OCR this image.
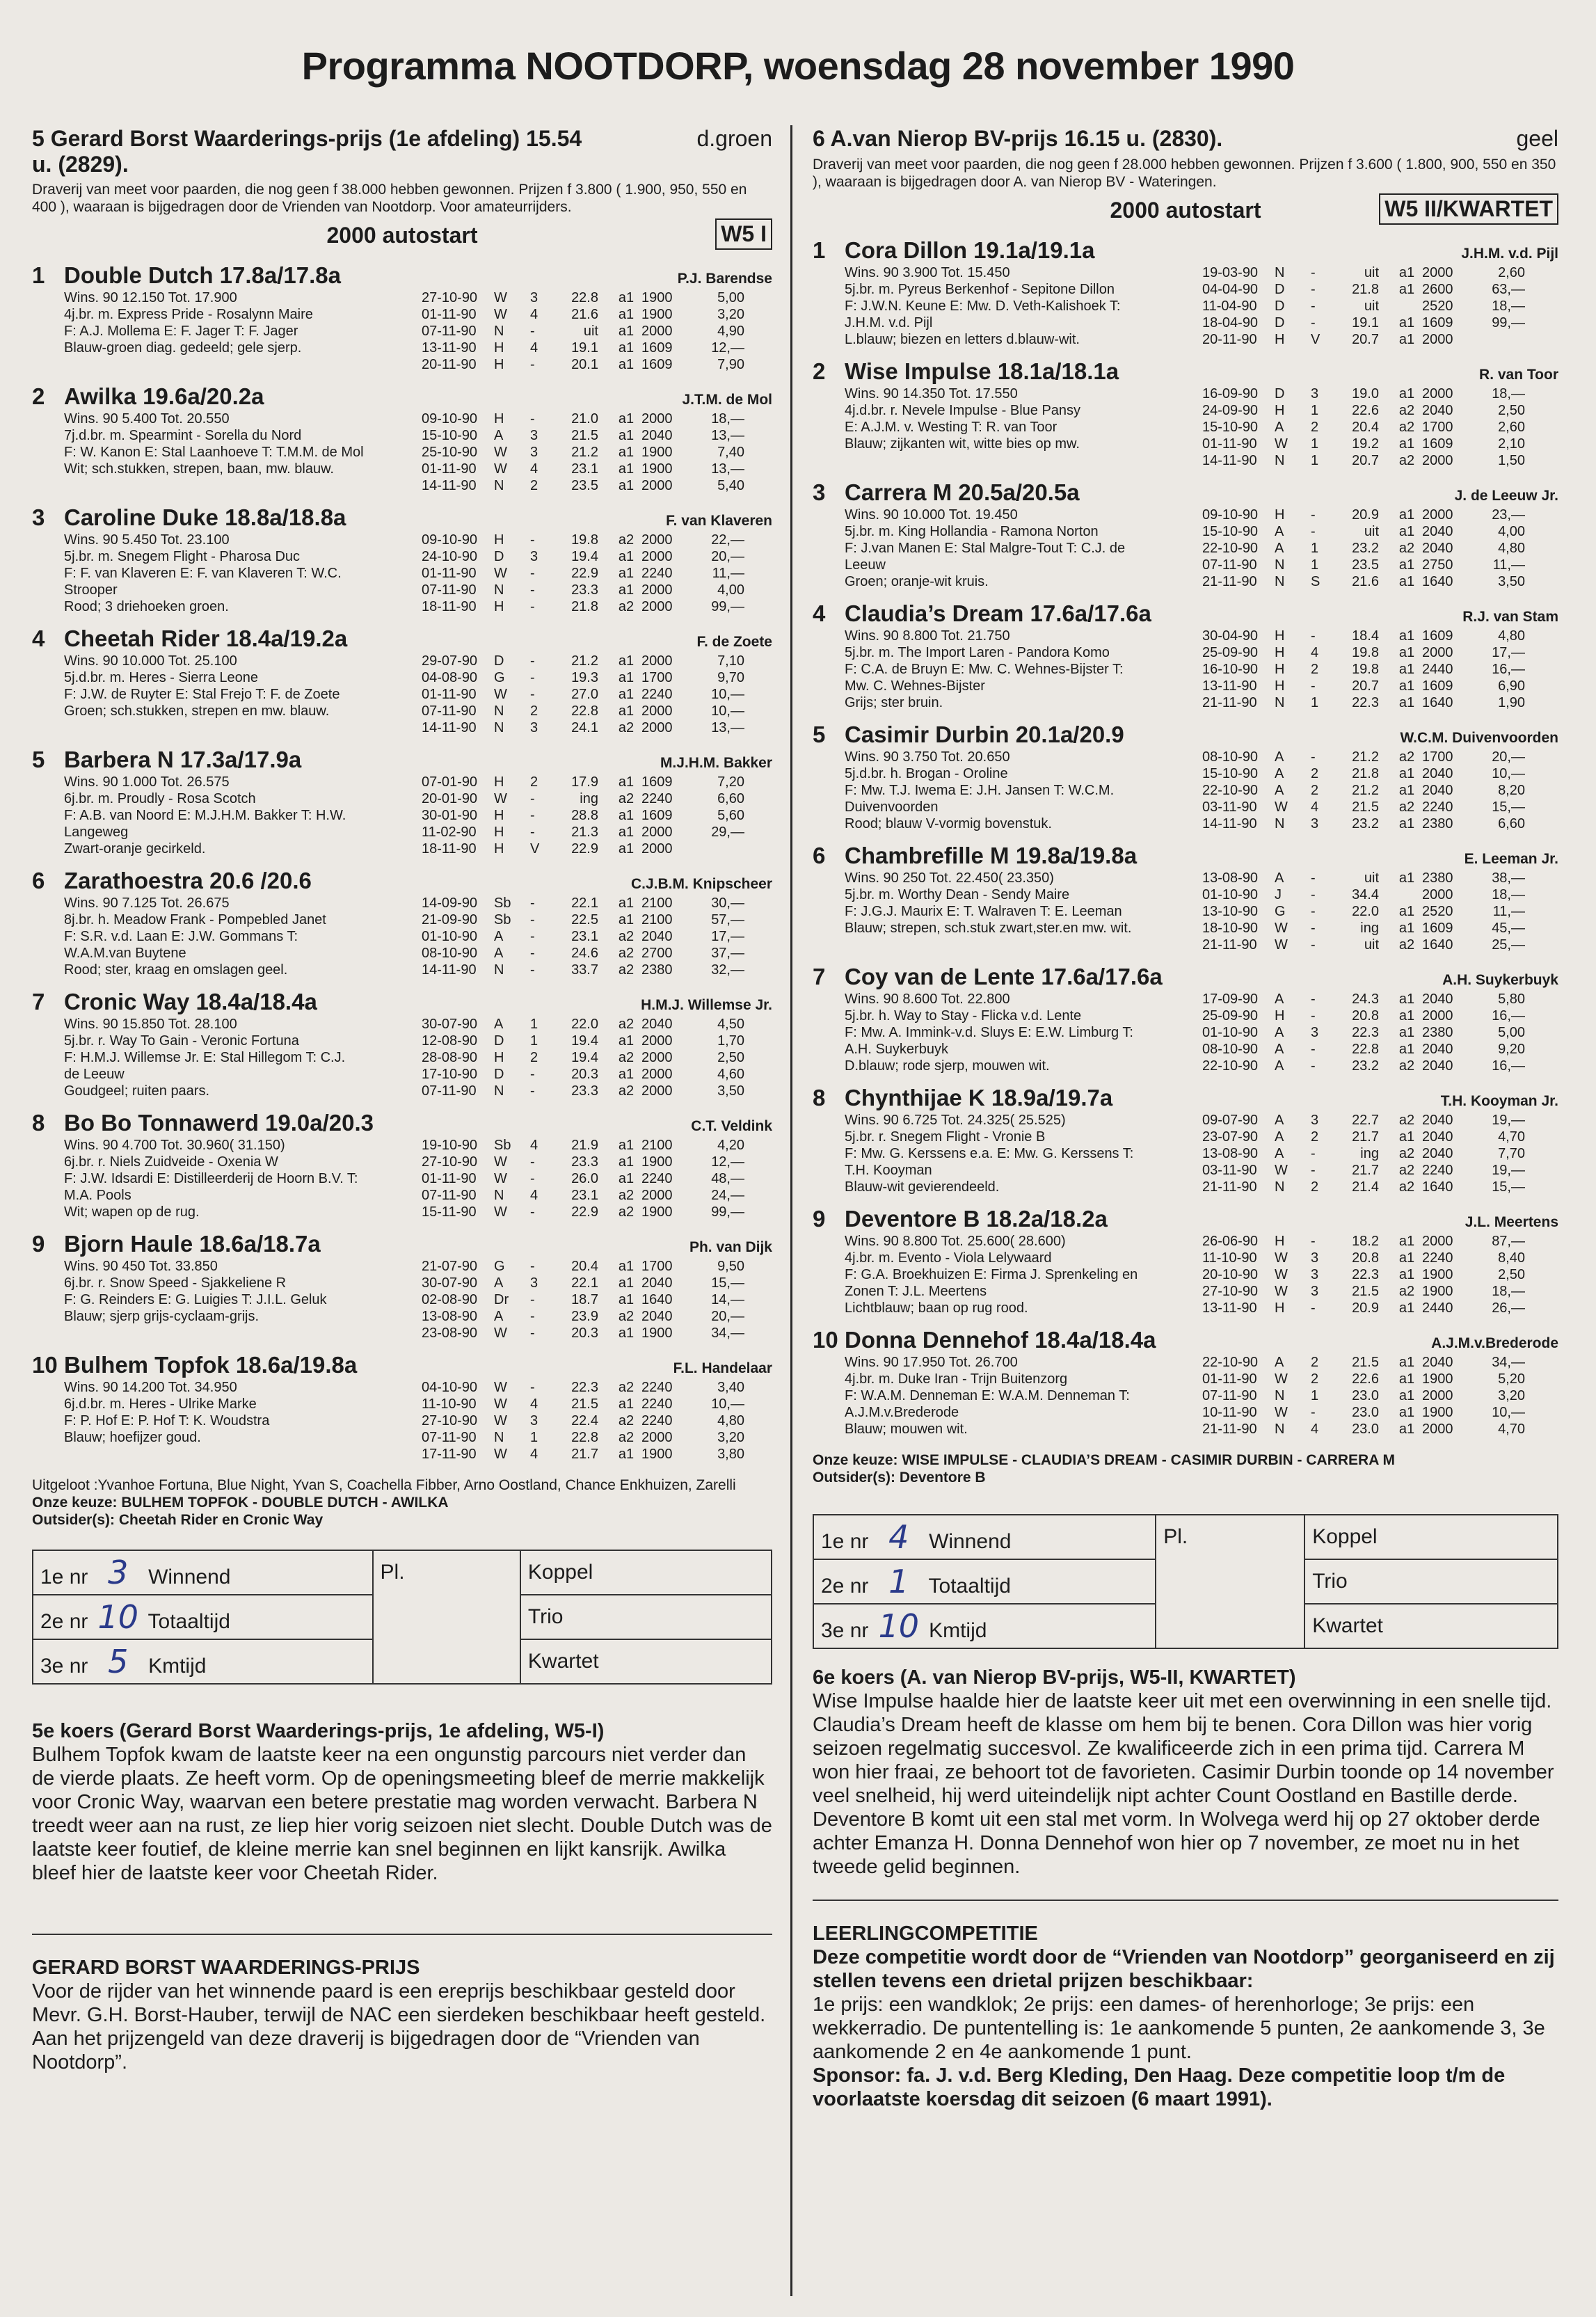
Programma NOOTDORP, woensdag 28 november 1990
5 Gerard Borst Waarderings-prijs (1e afdeling) 15.54	d.groen
u. (2829).
Draverij van meet voor paarden, die nog geen f 38.000 hebben gewonnen. Prijzen f 3.800 ( 1.900, 950, 550 en 400 ), waaraan is bijgedragen door de Vrienden van Nootdorp. Voor amateurrijders.
2000 autostart	W5 I
1 Double Dutch 17.8a/17.8a	P.J. Barendse
Wins. 90 12.150 Tot. 17.900
4j.br. m. Express Pride - Rosalynn Maire
F: A.J. Mollema E: F. Jager T: F. Jager
Blauw-groen diag. gedeeld; gele sjerp.
27-10-90	W	3	22.8	a1 1900	5,00
01-11-90	W	4	21.6	a1 1900	3,20
07-11-90	N	-	uit	a1 2000	4,90
13-11-90	H	4	19.1	a1 1609	12,—
20-11-90	H	-	20.1	a1 1609	7,90
2 Awilka 19.6a/20.2a	J.T.M. de Mol
Wins. 90 5.400 Tot. 20.550
7j.d.br. m. Spearmint - Sorella du Nord
F: W. Kanon E: Stal Laanhoeve T: T.M.M. de Mol
Wit; sch.stukken, strepen, baan, mw. blauw.
09-10-90	H	-	21.0	a1 2000	18,—
15-10-90	A	3	21.5	a1 2040	13,—
25-10-90	W	3	21.2	a1 1900	7,40
01-11-90	W	4	23.1	a1 1900	13,—
14-11-90	N	2	23.5	a1 2000	5,40
3 Caroline Duke 18.8a/18.8a	F. van Klaveren
Wins. 90 5.450 Tot. 23.100
5j.br. m. Snegem Flight - Pharosa Duc
F: F. van Klaveren E: F. van Klaveren T: W.C.
Strooper
Rood; 3 driehoeken groen.
09-10-90	H	-	19.8	a2 2000	22,—
24-10-90	D	3	19.4	a1 2000	20,—
01-11-90	W	-	22.9	a1 2240	11,—
07-11-90	N	-	23.3	a1 2000	4,00
18-11-90	H	-	21.8	a2 2000	99,—
4 Cheetah Rider 18.4a/19.2a	F. de Zoete
Wins. 90 10.000 Tot. 25.100
5j.d.br. m. Heres - Sierra Leone
F: J.W. de Ruyter E: Stal Frejo T: F. de Zoete
Groen; sch.stukken, strepen en mw. blauw.
29-07-90	D	-	21.2	a1 2000	7,10
04-08-90	G	-	19.3	a1 1700	9,70
01-11-90	W	-	27.0	a1 2240	10,—
07-11-90	N	2	22.8	a1 2000	10,—
14-11-90	N	3	24.1	a2 2000	13,—
5 Barbera N 17.3a/17.9a	M.J.H.M. Bakker
Wins. 90 1.000 Tot. 26.575
6j.br. m. Proudly - Rosa Scotch
F: A.B. van Noord E: M.J.H.M. Bakker T: H.W.
Langeweg
Zwart-oranje gecirkeld.
07-01-90	H	2	17.9	a1 1609	7,20
20-01-90	W	-	ing	a2 2240	6,60
30-01-90	H	-	28.8	a1 1609	5,60
11-02-90	H	-	21.3	a1 2000	29,—
18-11-90	H	V	22.9	a1 2000
6 Zarathoestra 20.6 /20.6	C.J.B.M. Knipscheer
Wins. 90 7.125 Tot. 26.675
8j.br. h. Meadow Frank - Pompebled Janet
F: S.R. v.d. Laan E: J.W. Gommans T:
W.A.M.van Buytene
Rood; ster, kraag en omslagen geel.
14-09-90	Sb	-	22.1	a1 2100	30,—
21-09-90	Sb	-	22.5	a1 2100	57,—
01-10-90	A	-	23.1	a2 2040	17,—
08-10-90	A	-	24.6	a2 2700	37,—
14-11-90	N	-	33.7	a2 2380	32,—
7 Cronic Way 18.4a/18.4a	H.M.J. Willemse Jr.
Wins. 90 15.850 Tot. 28.100
5j.br. r. Way To Gain - Veronic Fortuna
F: H.M.J. Willemse Jr. E: Stal Hillegom T: C.J.
de Leeuw
Goudgeel; ruiten paars.
30-07-90	A	1	22.0	a2 2040	4,50
12-08-90	D	1	19.4	a1 2000	1,70
28-08-90	H	2	19.4	a2 2000	2,50
17-10-90	D	-	20.3	a1 2000	4,60
07-11-90	N	-	23.3	a2 2000	3,50
8 Bo Bo Tonnawerd 19.0a/20.3	C.T. Veldink
Wins. 90 4.700 Tot. 30.960( 31.150)
6j.br. r. Niels Zuidveide - Oxenia W
F: J.W. Idsardi E: Distilleerderij de Hoorn B.V. T:
M.A. Pools
Wit; wapen op de rug.
19-10-90	Sb	4	21.9	a1 2100	4,20
27-10-90	W	-	23.3	a1 1900	12,—
01-11-90	W	-	26.0	a1 2240	48,—
07-11-90	N	4	23.1	a2 2000	24,—
15-11-90	W	-	22.9	a2 1900	99,—
9 Bjorn Haule 18.6a/18.7a	Ph. van Dijk
Wins. 90 450 Tot. 33.850
6j.br. r. Snow Speed - Sjakkeliene R
F: G. Reinders E: G. Luigies T: J.I.L. Geluk
Blauw; sjerp grijs-cyclaam-grijs.
21-07-90	G	-	20.4	a1 1700	9,50
30-07-90	A	3	22.1	a1 2040	15,—
02-08-90	Dr	-	18.7	a1 1640	14,—
13-08-90	A	-	23.9	a2 2040	20,—
23-08-90	W	-	20.3	a1 1900	34,—
10 Bulhem Topfok 18.6a/19.8a	F.L. Handelaar
Wins. 90 14.200 Tot. 34.950
6j.d.br. m. Heres - Ulrike Marke
F: P. Hof E: P. Hof T: K. Woudstra
Blauw; hoefijzer goud.
04-10-90	W	-	22.3	a2 2240	3,40
11-10-90	W	4	21.5	a1 2240	10,—
27-10-90	W	3	22.4	a2 2240	4,80
07-11-90	N	1	22.8	a2 2000	3,20
17-11-90	W	4	21.7	a1 1900	3,80
Uitgeloot :Yvanhoe Fortuna, Blue Night, Yvan S, Coachella Fibber, Arno Oostland, Chance Enkhuizen, Zarelli
Onze keuze: BULHEM TOPFOK - DOUBLE DUTCH - AWILKA
Outsider(s): Cheetah Rider en Cronic Way
1e nr 3 Winnend	Pl.	Koppel
2e nr 10 Totaaltijd		Trio
3e nr 5 Kmtijd		Kwartet
5e koers (Gerard Borst Waarderings-prijs, 1e afdeling, W5-I)
Bulhem Topfok kwam de laatste keer na een ongunstig parcours niet verder dan de vierde plaats. Ze heeft vorm. Op de openingsmeeting bleef de merrie makkelijk voor Cronic Way, waarvan een betere prestatie mag worden verwacht. Barbera N treedt weer aan na rust, ze liep hier vorig seizoen niet slecht. Double Dutch was de laatste keer foutief, de kleine merrie kan snel beginnen en lijkt kansrijk. Awilka bleef hier de laatste keer voor Cheetah Rider.
GERARD BORST WAARDERINGS-PRIJS
Voor de rijder van het winnende paard is een ereprijs beschikbaar gesteld door Mevr. G.H. Borst-Hauber, terwijl de NAC een sierdeken beschikbaar heeft gesteld. Aan het prijzengeld van deze draverij is bijgedragen door de “Vrienden van Nootdorp”.
6 A.van Nierop BV-prijs 16.15 u. (2830).	geel
Draverij van meet voor paarden, die nog geen f 28.000 hebben gewonnen. Prijzen f 3.600 ( 1.800, 900, 550 en 350 ), waaraan is bijgedragen door A. van Nierop BV - Wateringen.
2000 autostart	W5 II/KWARTET
1 Cora Dillon 19.1a/19.1a	J.H.M. v.d. Pijl
Wins. 90 3.900 Tot. 15.450
5j.br. m. Pyreus Berkenhof - Sepitone Dillon
F: J.W.N. Keune E: Mw. D. Veth-Kalishoek T:
J.H.M. v.d. Pijl
L.blauw; biezen en letters d.blauw-wit.
19-03-90	N	-	uit	a1 2000	2,60
04-04-90	D	-	21.8	a1 2600	63,—
11-04-90	D	-	uit	2520	18,—
18-04-90	D	-	19.1	a1 1609	99,—
20-11-90	H	V	20.7	a1 2000
2 Wise Impulse 18.1a/18.1a	R. van Toor
Wins. 90 14.350 Tot. 17.550
4j.d.br. r. Nevele Impulse - Blue Pansy
E: A.J.M. v. Westing T: R. van Toor
Blauw; zijkanten wit, witte bies op mw.
16-09-90	D	3	19.0	a1 2000	18,—
24-09-90	H	1	22.6	a2 2040	2,50
15-10-90	A	2	20.4	a2 1700	2,60
01-11-90	W	1	19.2	a1 1609	2,10
14-11-90	N	1	20.7	a2 2000	1,50
3 Carrera M 20.5a/20.5a	J. de Leeuw Jr.
Wins. 90 10.000 Tot. 19.450
5j.br. m. King Hollandia - Ramona Norton
F: J.van Manen E: Stal Malgre-Tout T: C.J. de
Leeuw
Groen; oranje-wit kruis.
09-10-90	H	-	20.9	a1 2000	23,—
15-10-90	A	-	uit	a1 2040	4,00
22-10-90	A	1	23.2	a2 2040	4,80
07-11-90	N	1	23.5	a1 2750	11,—
21-11-90	N	S	21.6	a1 1640	3,50
4 Claudia’s Dream 17.6a/17.6a	R.J. van Stam
Wins. 90 8.800 Tot. 21.750
5j.br. m. The Import Laren - Pandora Komo
F: C.A. de Bruyn E: Mw. C. Wehnes-Bijster T:
Mw. C. Wehnes-Bijster
Grijs; ster bruin.
30-04-90	H	-	18.4	a1 1609	4,80
25-09-90	H	4	19.8	a1 2000	17,—
16-10-90	H	2	19.8	a1 2440	16,—
13-11-90	H	-	20.7	a1 1609	6,90
21-11-90	N	1	22.3	a1 1640	1,90
5 Casimir Durbin 20.1a/20.9	W.C.M. Duivenvoorden
Wins. 90 3.750 Tot. 20.650
5j.d.br. h. Brogan - Oroline
F: Mw. T.J. Iwema E: J.H. Jansen T: W.C.M.
Duivenvoorden
Rood; blauw V-vormig bovenstuk.
08-10-90	A	-	21.2	a2 1700	20,—
15-10-90	A	2	21.8	a1 2040	10,—
22-10-90	A	2	21.2	a1 2040	8,20
03-11-90	W	4	21.5	a2 2240	15,—
14-11-90	N	3	23.2	a1 2380	6,60
6 Chambrefille M 19.8a/19.8a	E. Leeman Jr.
Wins. 90 250 Tot. 22.450( 23.350)
5j.br. m. Worthy Dean - Sendy Maire
F: J.G.J. Maurix E: T. Walraven T: E. Leeman
Blauw; strepen, sch.stuk zwart,ster.en mw. wit.
13-08-90	A	-	uit	a1 2380	38,—
01-10-90	J	-	34.4	2000	18,—
13-10-90	G	-	22.0	a1 2520	11,—
18-10-90	W	-	ing	a1 1609	45,—
21-11-90	W	-	uit	a2 1640	25,—
7 Coy van de Lente 17.6a/17.6a	A.H. Suykerbuyk
Wins. 90 8.600 Tot. 22.800
5j.br. h. Way to Stay - Flicka v.d. Lente
F: Mw. A. Immink-v.d. Sluys E: E.W. Limburg T:
A.H. Suykerbuyk
D.blauw; rode sjerp, mouwen wit.
17-09-90	A	-	24.3	a1 2040	5,80
25-09-90	H	-	20.8	a1 2000	16,—
01-10-90	A	3	22.3	a1 2380	5,00
08-10-90	A	-	22.8	a1 2040	9,20
22-10-90	A	-	23.2	a2 2040	16,—
8 Chynthijae K 18.9a/19.7a	T.H. Kooyman Jr.
Wins. 90 6.725 Tot. 24.325( 25.525)
5j.br. r. Snegem Flight - Vronie B
F: Mw. G. Kerssens e.a. E: Mw. G. Kerssens T:
T.H. Kooyman
Blauw-wit gevierendeeld.
09-07-90	A	3	22.7	a2 2040	19,—
23-07-90	A	2	21.7	a1 2040	4,70
13-08-90	A	-	ing	a2 2040	7,70
03-11-90	W	-	21.7	a2 2240	19,—
21-11-90	N	2	21.4	a2 1640	15,—
9 Deventore B 18.2a/18.2a	J.L. Meertens
Wins. 90 8.800 Tot. 25.600( 28.600)
4j.br. m. Evento - Viola Lelywaard
F: G.A. Broekhuizen E: Firma J. Sprenkeling en
Zonen T: J.L. Meertens
Lichtblauw; baan op rug rood.
26-06-90	H	-	18.2	a1 2000	87,—
11-10-90	W	3	20.8	a1 2240	8,40
20-10-90	W	3	22.3	a1 1900	2,50
27-10-90	W	3	21.5	a2 1900	18,—
13-11-90	H	-	20.9	a1 2440	26,—
10 Donna Dennehof 18.4a/18.4a	A.J.M.v.Brederode
Wins. 90 17.950 Tot. 26.700
4j.br. m. Duke Iran - Trijn Buitenzorg
F: W.A.M. Denneman E: W.A.M. Denneman T:
A.J.M.v.Brederode
Blauw; mouwen wit.
22-10-90	A	2	21.5	a1 2040	34,—
01-11-90	W	2	22.6	a1 1900	5,20
07-11-90	N	1	23.0	a1 2000	3,20
10-11-90	W	-	23.0	a1 1900	10,—
21-11-90	N	4	23.0	a1 2000	4,70
Onze keuze: WISE IMPULSE - CLAUDIA’S DREAM - CASIMIR DURBIN - CARRERA M
Outsider(s): Deventore B
1e nr 4 Winnend	Pl.	Koppel
2e nr 1 Totaaltijd		Trio
3e nr 10 Kmtijd		Kwartet
6e koers (A. van Nierop BV-prijs, W5-II, KWARTET)
Wise Impulse haalde hier de laatste keer uit met een overwinning in een snelle tijd. Claudia’s Dream heeft de klasse om hem bij te benen. Cora Dillon was hier vorig seizoen regelmatig succesvol. Ze kwalificeerde zich in een prima tijd. Carrera M won hier fraai, ze behoort tot de favorieten. Casimir Durbin toonde op 14 november veel snelheid, hij werd uiteindelijk nipt achter Count Oostland en Bastille derde. Deventore B komt uit een stal met vorm. In Wolvega werd hij op 27 oktober derde achter Emanza H. Donna Dennehof won hier op 7 november, ze moet nu in het tweede gelid beginnen.
LEERLINGCOMPETITIE
Deze competitie wordt door de “Vrienden van Nootdorp” georganiseerd en zij stellen tevens een drietal prijzen beschikbaar:
1e prijs: een wandklok; 2e prijs: een dames- of herenhorloge; 3e prijs: een wekkerradio. De puntentelling is: 1e aankomende 5 punten, 2e aankomende 3, 3e aankomende 2 en 4e aankomende 1 punt.
Sponsor: fa. J. v.d. Berg Kleding, Den Haag. Deze competitie loop t/m de voorlaatste koersdag dit seizoen (6 maart 1991).
